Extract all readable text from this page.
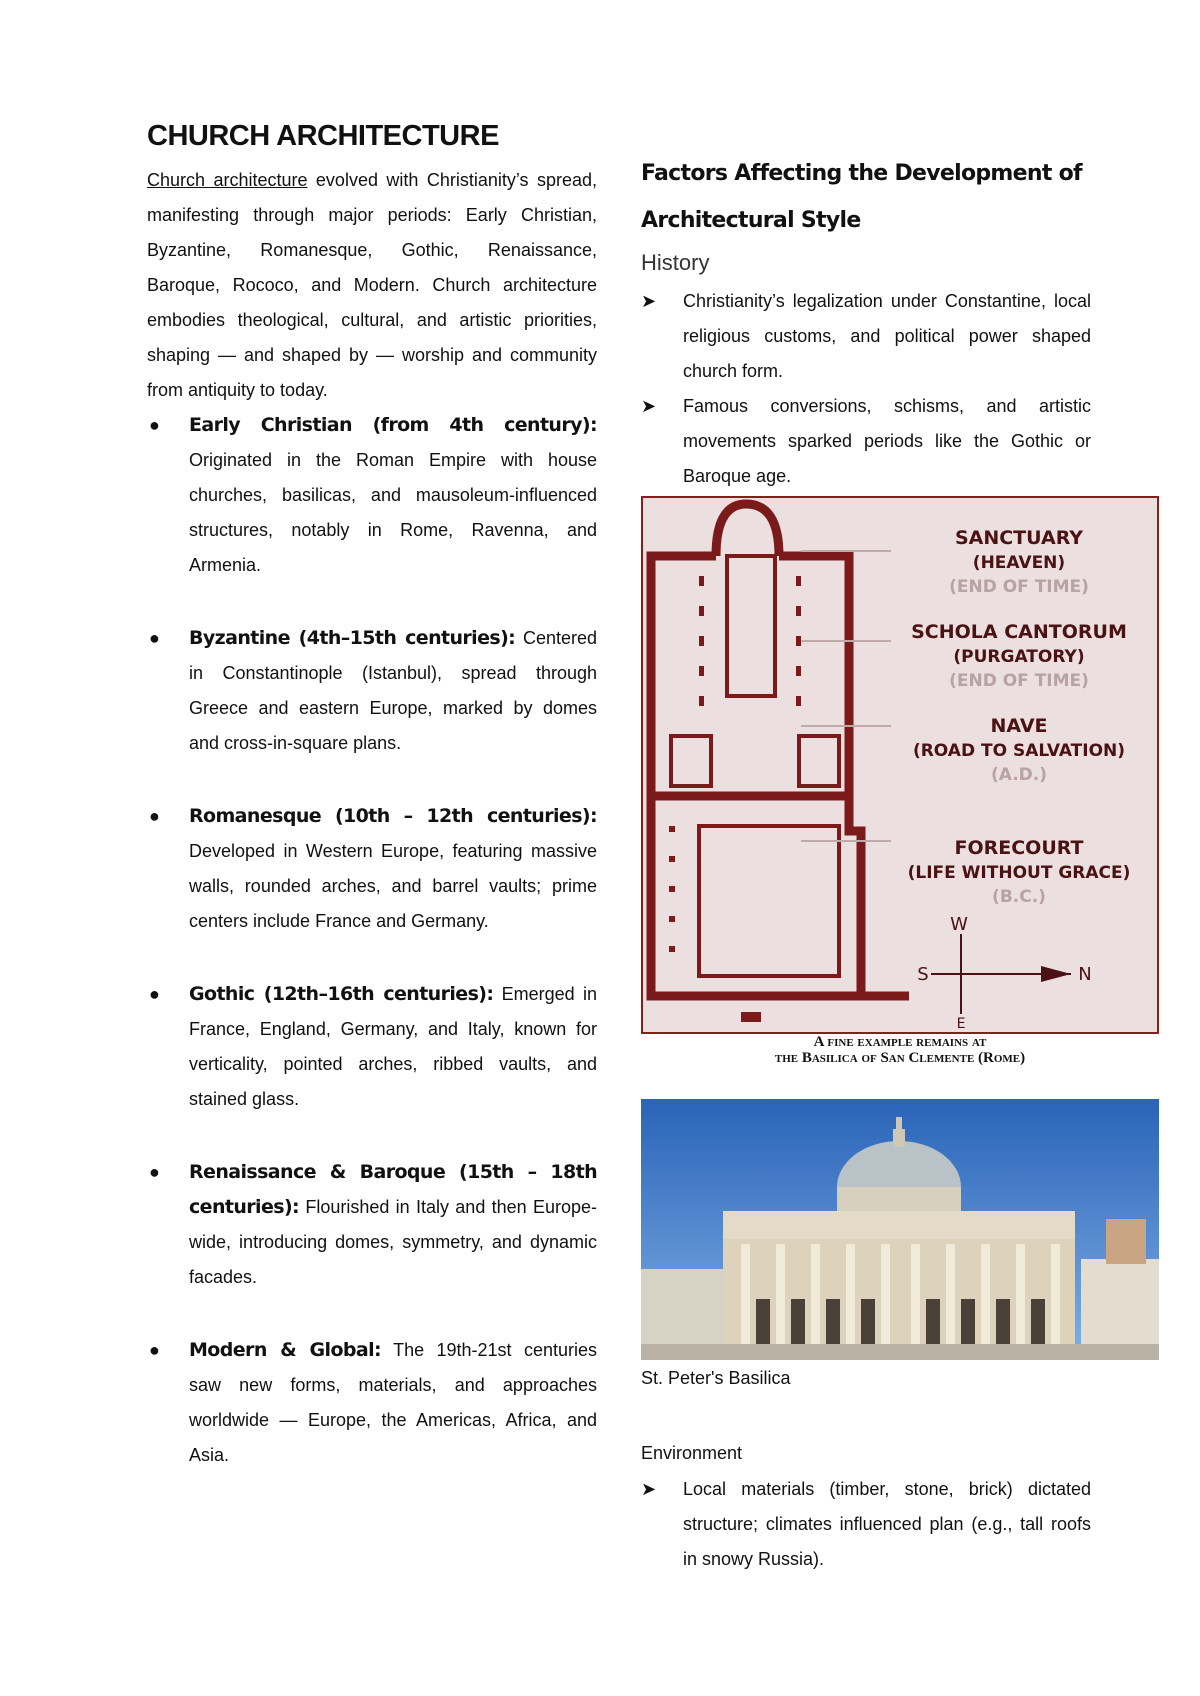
CHURCH ARCHITECTURE

Church architecture evolved with Christianity’s spread, manifesting through major periods: Early Christian, Byzantine, Romanesque, Gothic, Renaissance, Baroque, Rococo, and Modern. Church architecture embodies theological, cultural, and artistic priorities, shaping — and shaped by — worship and community from antiquity to today.

● Early Christian (from 4th century): Originated in the Roman Empire with house churches, basilicas, and mausoleum-influenced structures, notably in Rome, Ravenna, and Armenia.
● Byzantine (4th–15th centuries): Centered in Constantinople (Istanbul), spread through Greece and eastern Europe, marked by domes and cross-in-square plans.
● Romanesque (10th – 12th centuries): Developed in Western Europe, featuring massive walls, rounded arches, and barrel vaults; prime centers include France and Germany.
● Gothic (12th–16th centuries): Emerged in France, England, Germany, and Italy, known for verticality, pointed arches, ribbed vaults, and stained glass.
● Renaissance & Baroque (15th – 18th centuries): Flourished in Italy and then Europe-wide, introducing domes, symmetry, and dynamic facades.
● Modern & Global: The 19th-21st centuries saw new forms, materials, and approaches worldwide — Europe, the Americas, Africa, and Asia.
Factors Affecting the Development of Architectural Style
History
➤ Christianity’s legalization under Constantine, local religious customs, and political power shaped church form.
➤ Famous conversions, schisms, and artistic movements sparked periods like the Gothic or Baroque age.
SANCTUARY
(HEAVEN)
(END OF TIME)
SCHOLA CANTORUM
(PURGATORY)
(END OF TIME)
NAVE
(ROAD TO SALVATION)
(A.D.)
FORECOURT
(LIFE WITHOUT GRACE)
(B.C.)
W
S	N
E
A fine example remains at
the Basilica of San Clemente (Rome)
St. Peter's Basilica
Environment
➤ Local materials (timber, stone, brick) dictated structure; climates influenced plan (e.g., tall roofs in snowy Russia).
